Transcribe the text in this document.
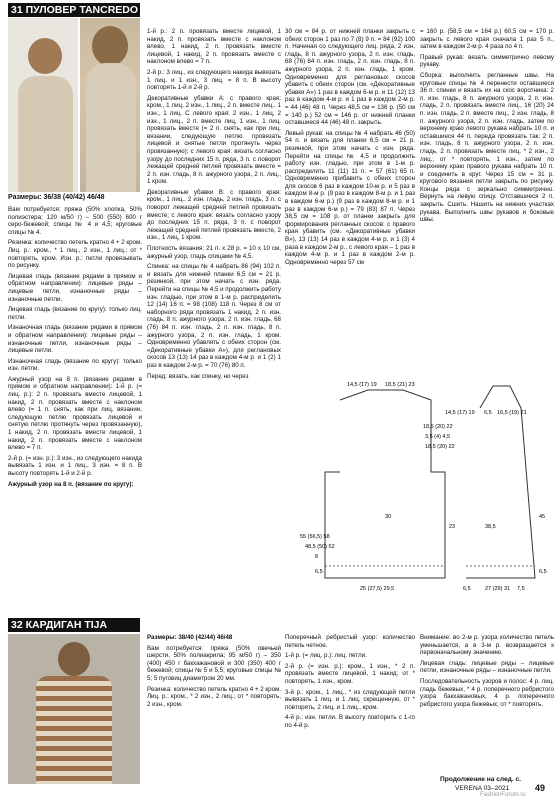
31 ПУЛОВЕР TANCREDO
Размеры: 36/38 (40/42) 46/48

Вам потребуется: пряжа (50% хлопка, 50% полиэстера; 120 м/50 г) – 500 (550) 600 г серо-бежевой; спицы № 4 и 4,5; круговые спицы № 4.

Резинка: количество петель кратно 4 + 2 кром. Лиц. р.: кром., * 1 лиц., 2 изн., 1 лиц.; от * повторять, кром. Изн. р.: петли провязывать по рисунку.

Лицевая гладь (вязание рядами в прямом и обратном направлении): лицевые ряды – лицевые петли, изнаночные ряды – изнаночные петли.

Лицевая гладь (вязание по кругу): только лиц. петли.

Изнаночная гладь (вязание рядами в прямом и обратном направлении): лицевые ряды – изнаночные петли, изнаночные ряды – лицевые петли.

Изнаночная гладь (вязание по кругу): только изн. петли.

Ажурный узор на 8 п. (вязание рядами в прямом и обратном направлении): 1-й р. (= лиц. р.): 2 п. провязать вместе лицевой, 1 накид, 2 п. провязать вместе с наклоном влево (= 1 п. снять, как при лиц. вязании, следующую петлю провязать лицевой и снятую петлю протянуть через провязанную), 1 накид, 2 п. провязать вместе лицевой, 1 накид, 2 п. провязать вместе с наклоном влево = 7 п.

2-й р. (= изн. р.): 3 изн., из следующего накида вывязать 1 изн. и 1 лиц., 3 изн. = 8 п. В высоту повторять 1-й и 2-й р.

Ажурный узор на 8 п. (вязание по кругу):

1-й р.: 2 п. провязать вместе лицевой, 1 накид, 2 п. провязать вместе с наклоном влево, 1 накид, 2 п. провязать вместе лицевой, 1 накид, 2 п. провязать вместе с наклоном влево = 7 п.

2-й р.: 3 лиц., из следующего накида вывязать 1 лиц. и 1 изн., 3 лиц. = 8 п. В высоту повторять 1-й и 2-й р.

Декоративные убавки A: с правого края: кром., 1 лиц, 2 изн., 1 лиц., 2 п. вместе лиц., 1 изн., 1 лиц. С левого края: 2 изн., 1 лиц, 2 изн., 1 лиц., 2 п. вместе лиц, 1 изн., 1 лиц. провязать вместе (= 2 п. снять, как при лиц. вязании, следующую петлю провязать лицевой и снятые петли протянуть через провязанную); с левого края: вязать согласно узору до последних 15 п. рядa, 3 п. с поворот лежащей средней петлей провязать вместе = 2 п. изн. гладь, 8 п. ажурного узора, 2 п. лиц., 1 кром.

Декоративные убавки B: с правого края: кром., 1 лиц., 2 изн. гладь, 2 изн. гладь, 3 п. с поворот лежащей средней петлей провязать вместе; с левого края: вязать согласно узору до последних 15 п. рядa, 3 п. с поворот лежащей средней петлей провязать вместе, 2 изн., 1 лиц, 1 кром.

Плотность вязания: 21 п. x 28 р. = 10 x 10 см, ажурный узор, гладь спицами № 4,5.

Спинка: на спицы № 4 набрать 86 (94) 102 п. и вязать для нижней планки 6,5 см = 21 р. резинкой, при этом начать с изн. ряда. Перейти на спицы № 4,5 и продолжить работу изн. гладью, при этом в 1-м р. распределить 12 (14) 16 п. = 98 (108) 118 п. Через 8 см от наборного ряда провязать 1 накид, 2 п. изн. гладь, 8 п. ажурного узора, 2 п. изн. гладь, 68 (76) 84 п. изн. гладь, 2 п. изн. гладь, 8 п. ажурного узора, 2 п. изн. гладь, 1 кром. Одновременно убавлять с обеих сторон (см. «Декоративные убавки А»), для реглановых скосов 13 (13) 14 раз в каждом 4-м р. и 1 (2) 1 раз в каждом 2-м р. = 70 (76) 80 п.

Перед: вязать, как спинку, но через

30 см = 84 р. от нижней планки закрыть с обеих сторон 1 раз по 7 (8) 9 п. = 84 (92) 100 п. Начиная со следующего лиц. ряда, 2 изн. гладь, 8 п. ажурного узора, 2 п. изн. гладь, 68 (76) 84 п. изн. гладь, 2 п. изн. гладь, 8 п. ажурного узора, 2 п. изн. гладь, 1 кром. Одновременно для реглановых скосов убавить с обеих сторон (см. «Декоративные убавки А») 1 раз в каждом 6-м р. и 11 (12) 13 раз в каждом 4-м р. и 1 раз в каждом 2-м р. = 44 (46) 48 п. Через 48,5 см = 136 р. (50 см = 140 р.) 52 см = 146 р. от нижней планки оставшиеся 44 (46) 48 п. закрыть.

Левый рукав: на спицы № 4 набрать 46 (50) 54 п. и вязать для планки 6,5 см = 21 р. резинкой, при этом начать с изн. ряда. Перейти на спицы № 4,5 и продолжить работу изн. гладью, при этом в 1-м р. распределить 11 (11) 11 п. = 57 (61) 65 п. Одновременно прибавить с обеих сторон для скосов 6 раз в каждом 10-м р. и 5 раз в каждом 8-м р. (9 раз в каждом 8-м р. и 1 раз в каждом 6-м р.) (9 раз в каждом 8-м р. и 1 раз в каждом 6-м р.) = 79 (83) 87 п. Через 38,5 см = 108 р. от планки закрыть для формирования регланных скосов: с правого края убавить (см. «Декоративные убавки B»), 13 (13) 14 раз в каждом 4-м р. и 1 (3) 4 раза в каждом 2-м р., с левого края – 1 раз в каждом 4-м р. и 1 раз в каждом 2-м р. Одновременно через 57 см

= 160 р. (58,5 см = 164 р.) 60,5 см = 170 р. закрыть с левого края сначала 1 раз 5 п., затем в каждом 2-м р. 4 раза по 4 п.

Правый рукав: вязать симметрично левому рукаву.

Сборка: выполнить регланные швы. На круговые спицы № 4 перенести оставшиеся 36 п. спинки и вязать их на скос воротника: 2 п. изн. гладь, 8 п. ажурного узора, 2 п. изн. гладь, 2 п. провязать вместе лиц., 16 (20) 24 п. изн. гладь, 2 п. вместе лиц., 2 изн. гладь, 8 п. ажурного узора, 2 п. изн. гладь, затем по верхнему краю левого рукава набрать 10 п. и оставшиеся 44 п. переда провязать так: 2 п. изн. гладь, 8 п. ажурного узора, 2 п. изн. гладь, 2 п. провязать вместе лиц. * 2 изн., 2 лиц.; от * повторять, 1 изн., затем по верхнему краю правого рукава набрать 10 п. и соединить в круг. Через 15 см = 31 р. кругового вязания петли закрыть по рисунку. Концы ряда с зеркально симметрично. Вернуть на левую спицу. Отставшиеся 2 п. закрыть. Сшить. Нашить на нижних участках рукава. Выполнить швы рукавов и боковые швы.

14,5 (17) 19 18,5 (21) 23
14,5 (17) 19 6,5 16,5 (19) 21
55 (56,5) 58
48,5 (50) 52
8
30
6,5
25 (27,5) 29,5
18,5 (20) 22
3,5 (4) 4,5
18,5 (20) 22
23
27 (29) 31
45
38,5
6,5
6,5	7,5
32 КАРДИГАН TIJA

Размеры: 38/40 (42/44) 46/48

Вам потребуется: пряжа (50% овечьей шерсти, 50% полиакрила; 95 м/50 г) – 350 (400) 450 г бакхажановой и 300 (350) 400 г бежевой; спицы № 5 и 5,5; круговые спицы № 5; 5 пуговиц диаметром 20 мм.

Резинка: количество петель кратно 4 + 2 кром. Лиц. р.: кром., * 2 изн., 2 лиц.; от * повторять, 2 изн., кром.

Поперечный ребристый узор: количество петель четное.

1-й р. (= лиц. р.): лиц. петли.

2-й р. (= изн. р.): кром., 1 изн., * 2 п. провязать вместе лицевой, 1 накид; от * повторять, 1 изн., кром.

3-й р.: кром., 1 лиц., * из следующей петли вывязать 1 лиц. и 1 лиц. скрещенную, от * повторять, 2 лиц. и 1 лиц., кром.

4-й р.: изн. петли. В высоту повторить с 1-го по 4-й р.

Внимание: во 2-м р. узора количество петель уменьшается, а в 3-м р. возвращается к первоначальному значению.

Лицевая гладь: лицевые ряды – лицевые петли, изнаночные ряды – изнаночные петли.

Последовательность узоров и полос: 4 р. лиц. гладь бежевых, * 4 р. поперечного ребристого узора бакхажановых, 4 р. поперечного ребристого узора бежевых; от * повторять.

Продолжение на след. с.
VERENA 03–2021	49
FashionForum.ru
